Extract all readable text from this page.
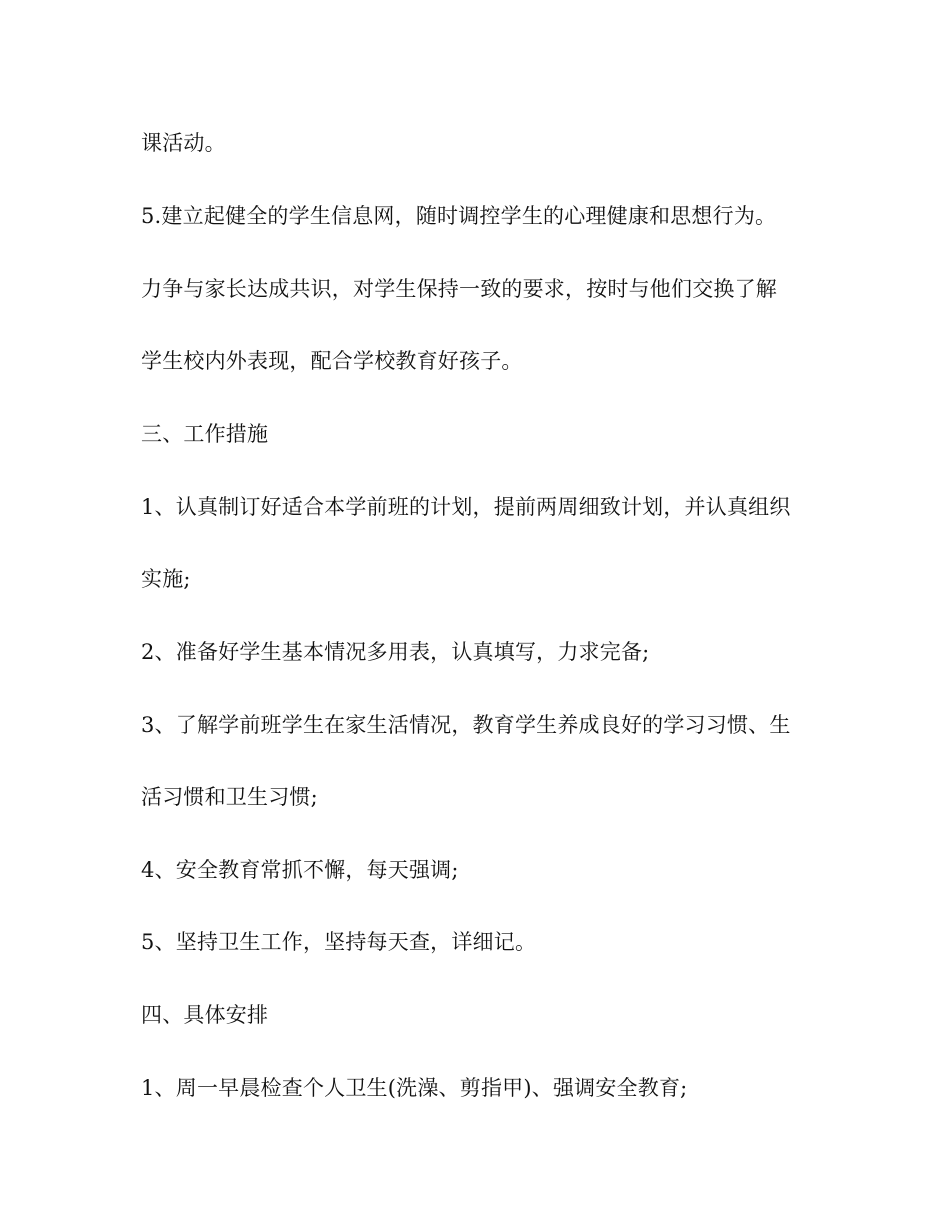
课活动。
5.建立起健全的学生信息网，随时调控学生的心理健康和思想行为。
力争与家长达成共识，对学生保持一致的要求，按时与他们交换了解
学生校内外表现，配合学校教育好孩子。
三、工作措施
1、认真制订好适合本学前班的计划，提前两周细致计划，并认真组织
实施;
2、准备好学生基本情况多用表，认真填写，力求完备;
3、了解学前班学生在家生活情况，教育学生养成良好的学习习惯、生
活习惯和卫生习惯;
4、安全教育常抓不懈，每天强调;
5、坚持卫生工作，坚持每天查，详细记。
四、具体安排
1、周一早晨检查个人卫生(洗澡、剪指甲)、强调安全教育;
